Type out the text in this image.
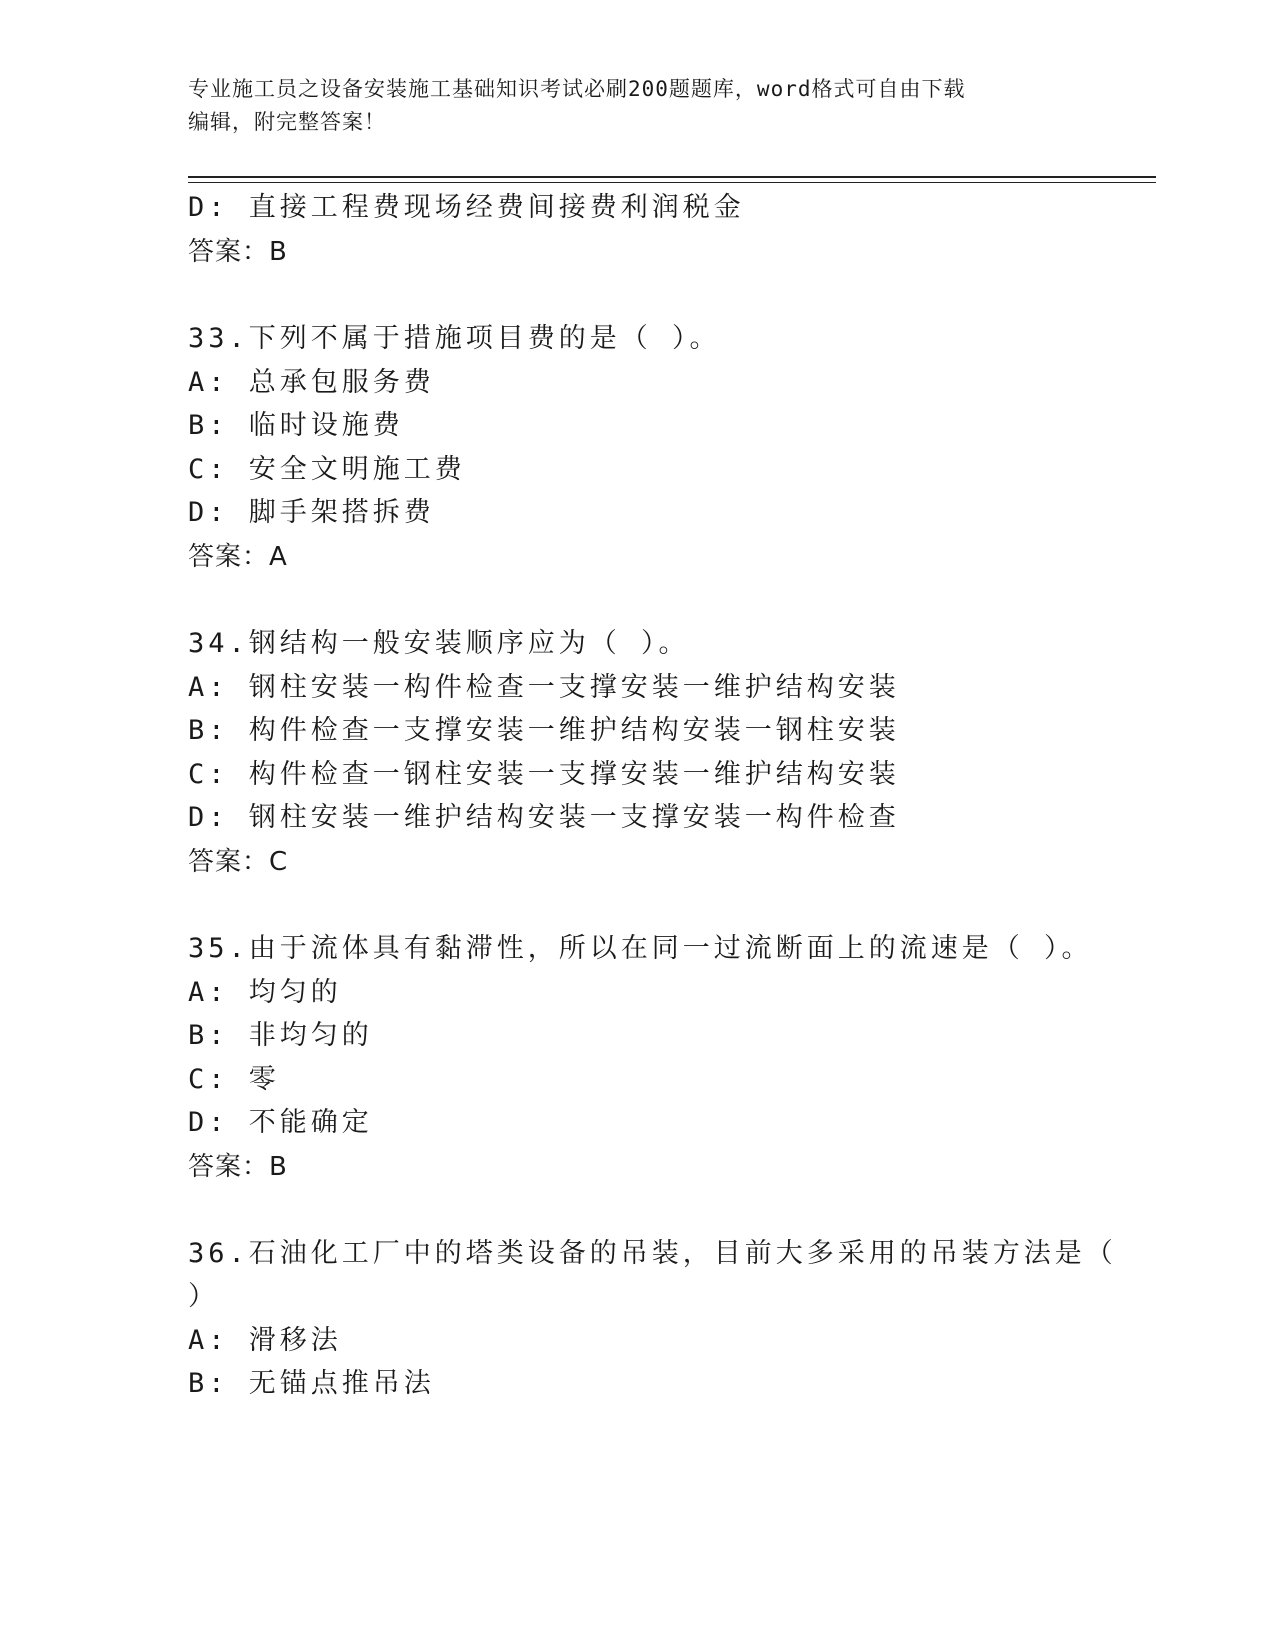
专业施工员之设备安装施工基础知识考试必刷200题题库，word格式可自由下载
编辑，附完整答案！
D: 直接工程费现场经费间接费利润税金
答案：B
33.下列不属于措施项目费的是（ ）。
A: 总承包服务费
B: 临时设施费
C: 安全文明施工费
D: 脚手架搭拆费
答案：A
34.钢结构一般安装顺序应为（ ）。
A: 钢柱安装一构件检查一支撑安装一维护结构安装
B: 构件检查一支撑安装一维护结构安装一钢柱安装
C: 构件检查一钢柱安装一支撑安装一维护结构安装
D: 钢柱安装一维护结构安装一支撑安装一构件检查
答案：C
35.由于流体具有黏滞性，所以在同一过流断面上的流速是（ ）。
A: 均匀的
B: 非均匀的
C: 零
D: 不能确定
答案：B
36.石油化工厂中的塔类设备的吊装，目前大多采用的吊装方法是（
）
A: 滑移法
B: 无锚点推吊法
